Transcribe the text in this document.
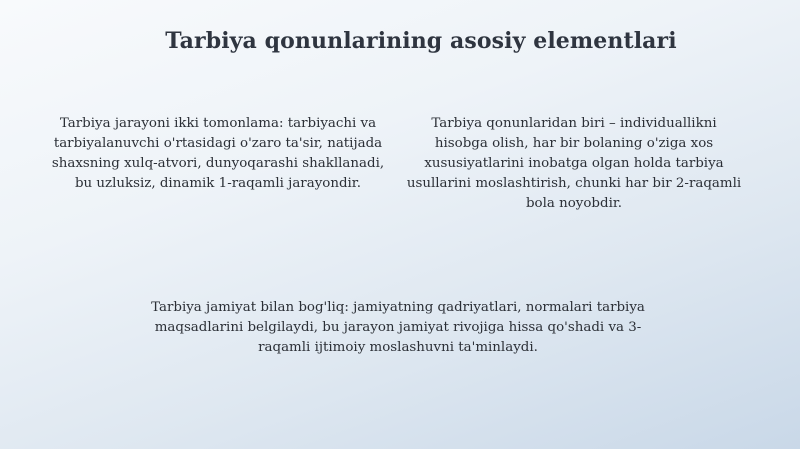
Tarbiya qonunlarining asosiy elementlari
Tarbiya jarayoni ikki tomonlama: tarbiyachi va tarbiyalanuvchi o'rtasidagi o'zaro ta'sir, natijada shaxsning xulq-atvori, dunyoqarashi shakllanadi, bu uzluksiz, dinamik 1-raqamli jarayondir.
Tarbiya qonunlaridan biri – individuallikni hisobga olish, har bir bolaning o'ziga xos xususiyatlarini inobatga olgan holda tarbiya usullarini moslashtirish, chunki har bir 2-raqamli bola noyobdir.
Tarbiya jamiyat bilan bog'liq: jamiyatning qadriyatlari, normalari tarbiya maqsadlarini belgilaydi, bu jarayon jamiyat rivojiga hissa qo'shadi va 3-raqamli ijtimoiy moslashuvni ta'minlaydi.
